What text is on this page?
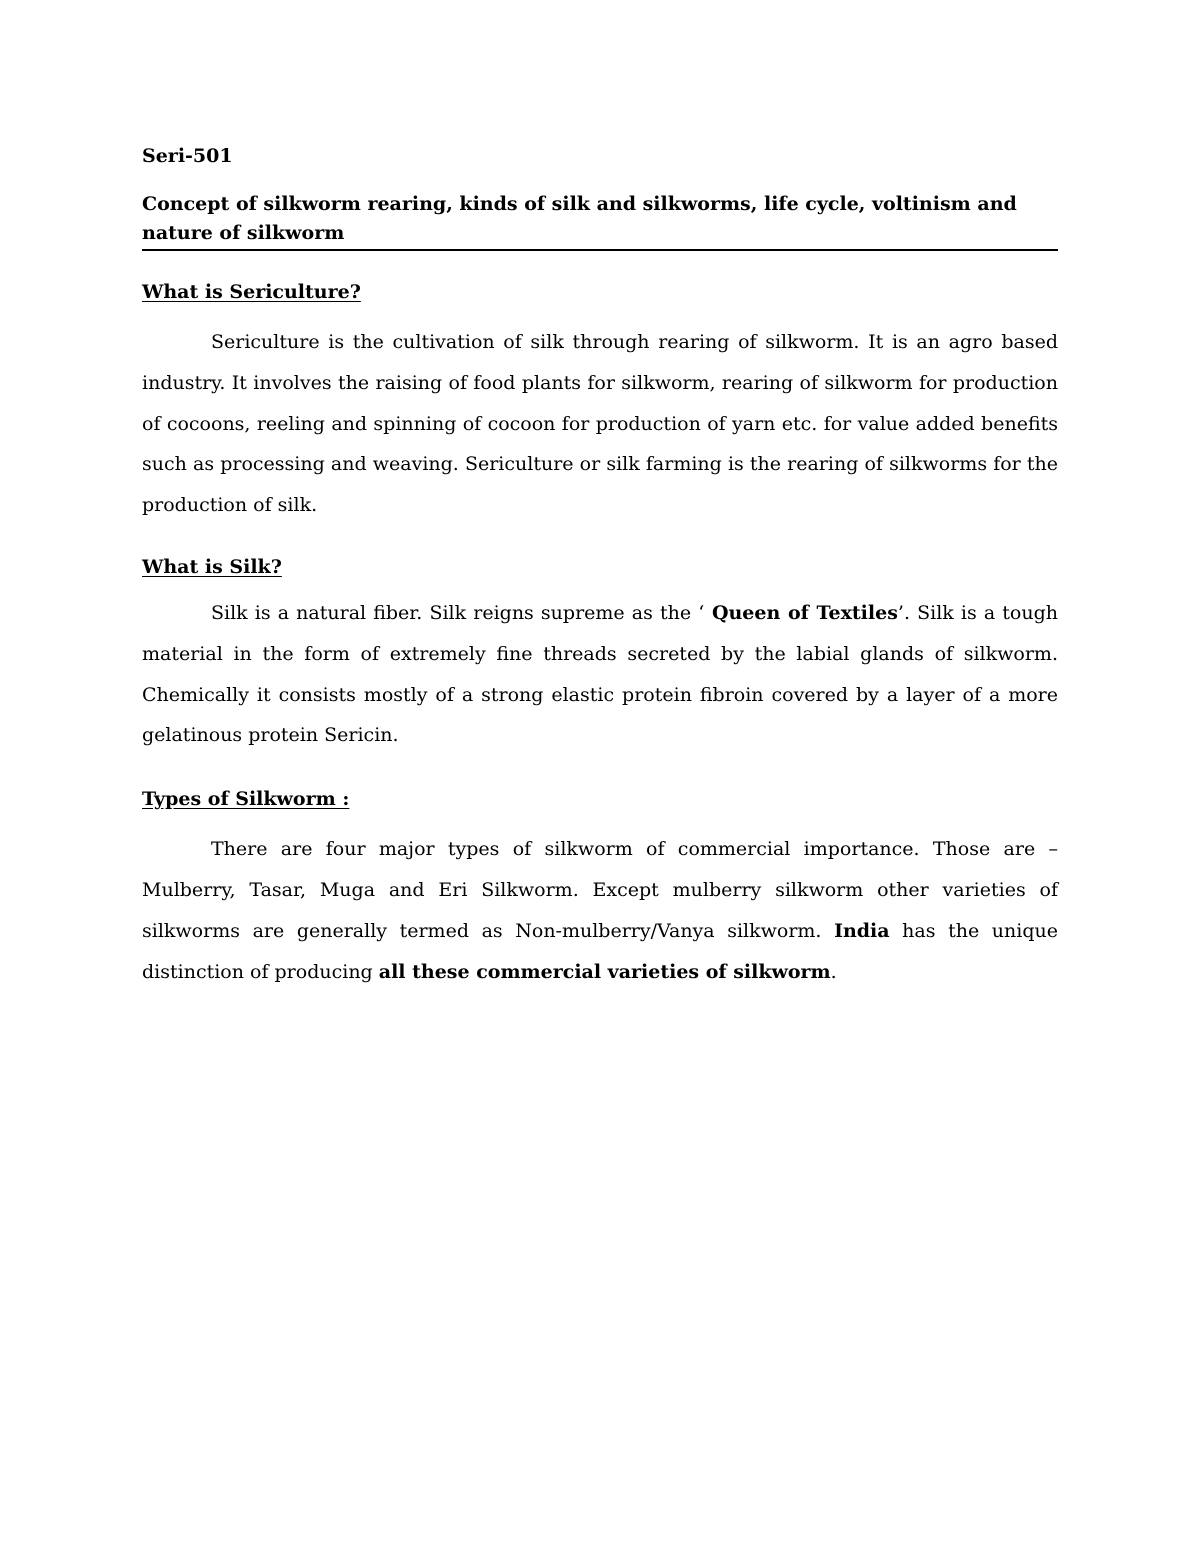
Seri-501

Concept of silkworm rearing, kinds of silk and silkworms, life cycle, voltinism and nature of silkworm

What is Sericulture?

Sericulture is the cultivation of silk through rearing of silkworm. It is an agro based industry. It involves the raising of food plants for silkworm, rearing of silkworm for production of cocoons, reeling and spinning of cocoon for production of yarn etc. for value added benefits such as processing and weaving. Sericulture or silk farming is the rearing of silkworms for the production of silk.

What is Silk?

Silk is a natural fiber. Silk reigns supreme as the ‘ Queen of Textiles’. Silk is a tough material in the form of extremely fine threads secreted by the labial glands of silkworm. Chemically it consists mostly of a strong elastic protein fibroin covered by a layer of a more gelatinous protein Sericin.

Types of Silkworm :

There are four major types of silkworm of commercial importance. Those are – Mulberry, Tasar, Muga and Eri Silkworm. Except mulberry silkworm other varieties of silkworms are generally termed as Non-mulberry/Vanya silkworm. India has the unique distinction of producing all these commercial varieties of silkworm.
